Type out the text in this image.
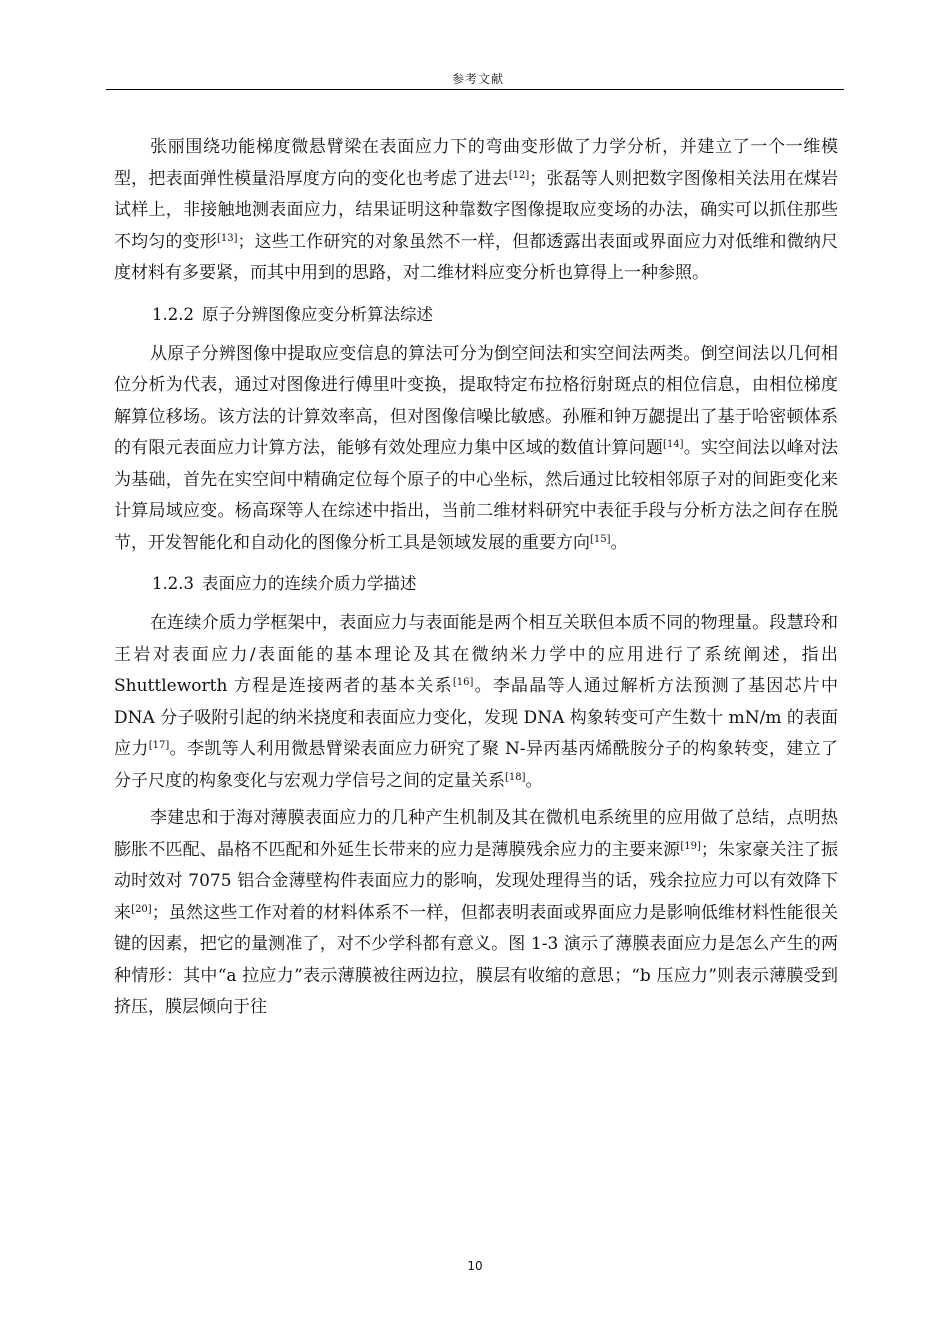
参考文献

张丽围绕功能梯度微悬臂梁在表面应力下的弯曲变形做了力学分析，并建立了一个一维模型，把表面弹性模量沿厚度方向的变化也考虑了进去[12]；张磊等人则把数字图像相关法用在煤岩试样上，非接触地测表面应力，结果证明这种靠数字图像提取应变场的办法，确实可以抓住那些不均匀的变形[13]；这些工作研究的对象虽然不一样，但都透露出表面或界面应力对低维和微纳尺度材料有多要紧，而其中用到的思路，对二维材料应变分析也算得上一种参照。

1.2.2 原子分辨图像应变分析算法综述

从原子分辨图像中提取应变信息的算法可分为倒空间法和实空间法两类。倒空间法以几何相位分析为代表，通过对图像进行傅里叶变换，提取特定布拉格衍射斑点的相位信息，由相位梯度解算位移场。该方法的计算效率高，但对图像信噪比敏感。孙雁和钟万勰提出了基于哈密顿体系的有限元表面应力计算方法，能够有效处理应力集中区域的数值计算问题[14]。实空间法以峰对法为基础，首先在实空间中精确定位每个原子的中心坐标，然后通过比较相邻原子对的间距变化来计算局域应变。杨高琛等人在综述中指出，当前二维材料研究中表征手段与分析方法之间存在脱节，开发智能化和自动化的图像分析工具是领域发展的重要方向[15]。

1.2.3 表面应力的连续介质力学描述

在连续介质力学框架中，表面应力与表面能是两个相互关联但本质不同的物理量。段慧玲和王岩对表面应力/表面能的基本理论及其在微纳米力学中的应用进行了系统阐述，指出 Shuttleworth 方程是连接两者的基本关系[16]。李晶晶等人通过解析方法预测了基因芯片中 DNA 分子吸附引起的纳米挠度和表面应力变化，发现 DNA 构象转变可产生数十 mN/m 的表面应力[17]。李凯等人利用微悬臂梁表面应力研究了聚 N-异丙基丙烯酰胺分子的构象转变，建立了分子尺度的构象变化与宏观力学信号之间的定量关系[18]。

李建忠和于海对薄膜表面应力的几种产生机制及其在微机电系统里的应用做了总结，点明热膨胀不匹配、晶格不匹配和外延生长带来的应力是薄膜残余应力的主要来源[19]；朱家豪关注了振动时效对 7075 铝合金薄壁构件表面应力的影响，发现处理得当的话，残余拉应力可以有效降下来[20]；虽然这些工作对着的材料体系不一样，但都表明表面或界面应力是影响低维材料性能很关键的因素，把它的量测准了，对不少学科都有意义。图 1-3 演示了薄膜表面应力是怎么产生的两种情形：其中“a 拉应力”表示薄膜被往两边拉，膜层有收缩的意思；“b 压应力”则表示薄膜受到挤压，膜层倾向于往

10
